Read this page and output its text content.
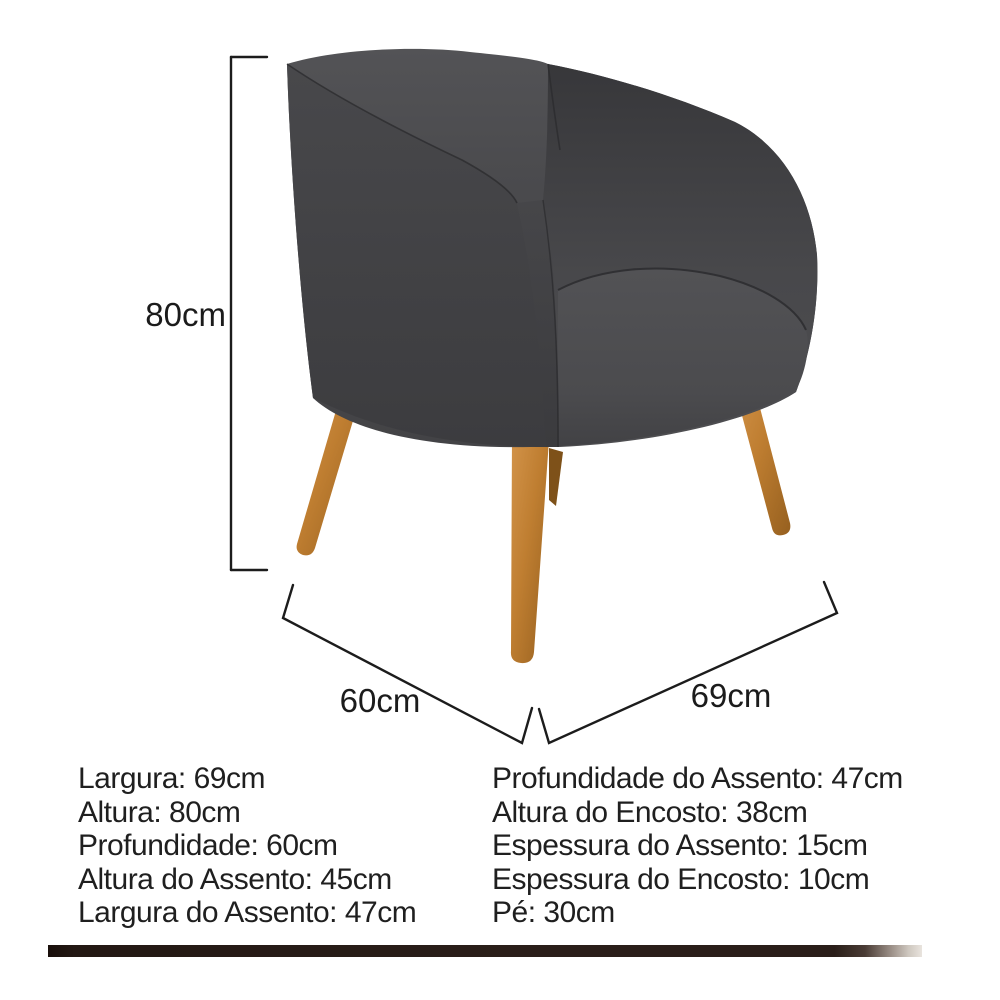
80cm
60cm	69cm
Largura: 69cm
Altura: 80cm
Profundidade: 60cm
Altura do Assento: 45cm
Largura do Assento: 47cm
Profundidade do Assento: 47cm
Altura do Encosto: 38cm
Espessura do Assento: 15cm
Espessura do Encosto: 10cm
Pé: 30cm
